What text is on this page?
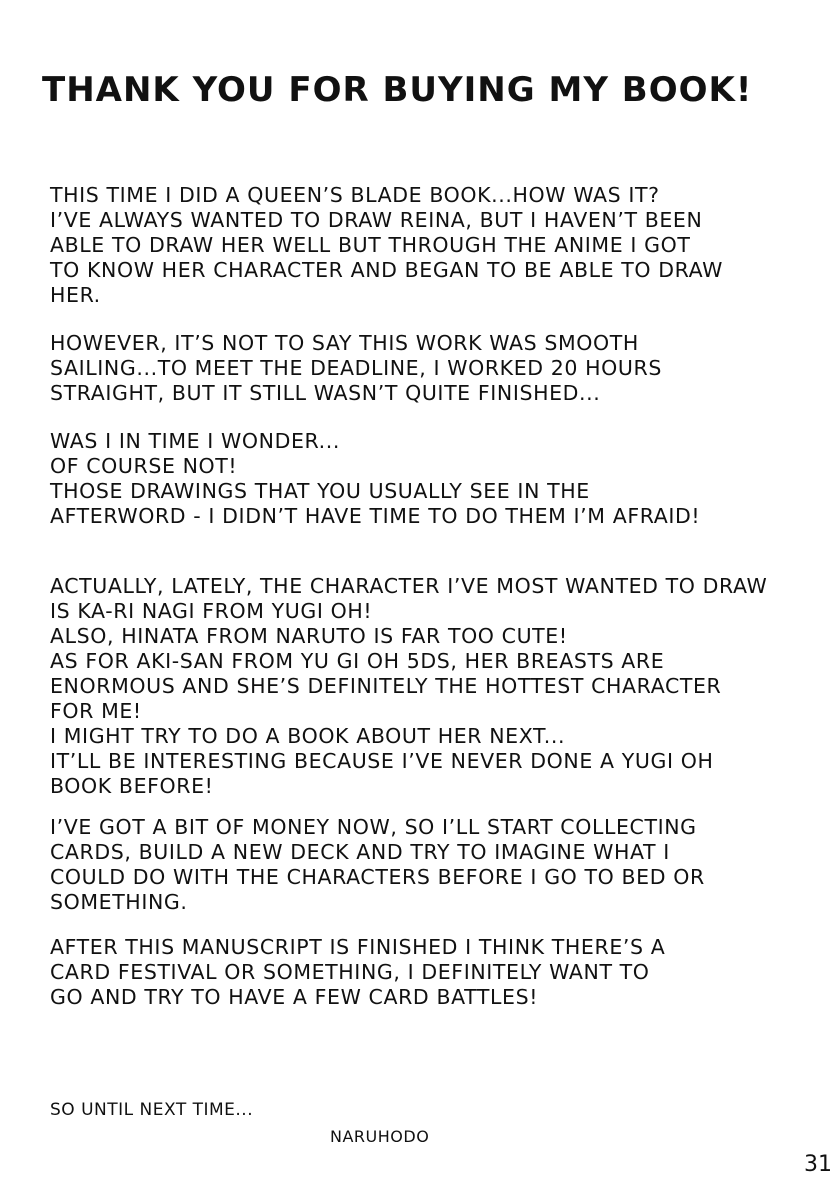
THANK YOU FOR BUYING MY BOOK!
THIS TIME I DID A QUEEN’S BLADE BOOK...HOW WAS IT?
I’VE ALWAYS WANTED TO DRAW REINA, BUT I HAVEN’T BEEN
ABLE TO DRAW HER WELL BUT THROUGH THE ANIME I GOT
TO KNOW HER CHARACTER AND BEGAN TO BE ABLE TO DRAW
HER.
HOWEVER, IT’S NOT TO SAY THIS WORK WAS SMOOTH
SAILING...TO MEET THE DEADLINE, I WORKED 20 HOURS
STRAIGHT, BUT IT STILL WASN’T QUITE FINISHED...
WAS I IN TIME I WONDER...
OF COURSE NOT!
THOSE DRAWINGS THAT YOU USUALLY SEE IN THE
AFTERWORD - I DIDN’T HAVE TIME TO DO THEM I’M AFRAID!
ACTUALLY, LATELY, THE CHARACTER I’VE MOST WANTED TO DRAW
IS KA-RI NAGI FROM YUGI OH!
ALSO, HINATA FROM NARUTO IS FAR TOO CUTE!
AS FOR AKI-SAN FROM YU GI OH 5DS, HER BREASTS ARE
ENORMOUS AND SHE’S DEFINITELY THE HOTTEST CHARACTER
FOR ME!
I MIGHT TRY TO DO A BOOK ABOUT HER NEXT...
IT’LL BE INTERESTING BECAUSE I’VE NEVER DONE A YUGI OH
BOOK BEFORE!
I’VE GOT A BIT OF MONEY NOW, SO I’LL START COLLECTING
CARDS, BUILD A NEW DECK AND TRY TO IMAGINE WHAT I
COULD DO WITH THE CHARACTERS BEFORE I GO TO BED OR
SOMETHING.
AFTER THIS MANUSCRIPT IS FINISHED I THINK THERE’S A
CARD FESTIVAL OR SOMETHING, I DEFINITELY WANT TO
GO AND TRY TO HAVE A FEW CARD BATTLES!
SO UNTIL NEXT TIME...
NARUHODO
31
